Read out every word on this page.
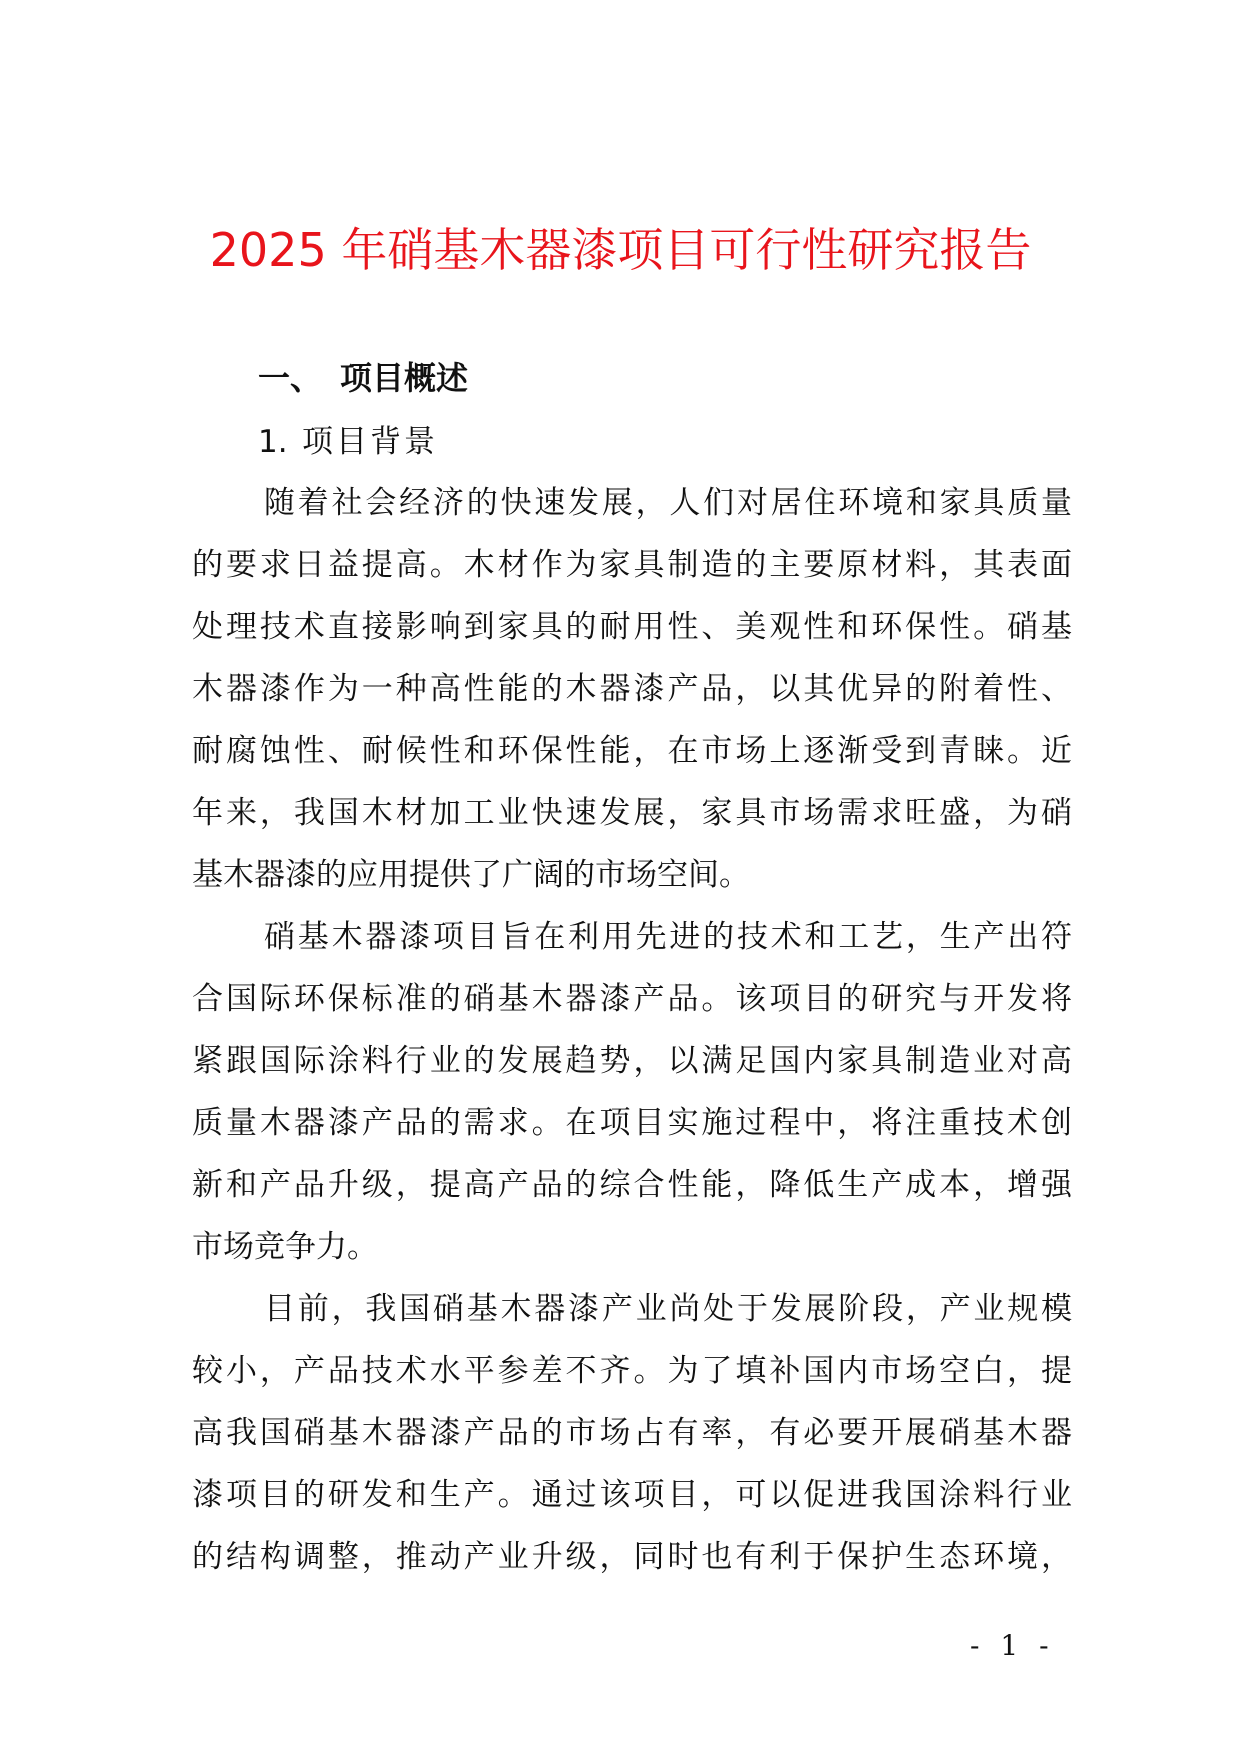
2025 年硝基木器漆项目可行性研究报告
一、 项目概述
1. 项目背景
随着社会经济的快速发展，人们对居住环境和家具质量
的要求日益提高。木材作为家具制造的主要原材料，其表面
处理技术直接影响到家具的耐用性、美观性和环保性。硝基
木器漆作为一种高性能的木器漆产品，以其优异的附着性、
耐腐蚀性、耐候性和环保性能，在市场上逐渐受到青睐。近
年来，我国木材加工业快速发展，家具市场需求旺盛，为硝
基木器漆的应用提供了广阔的市场空间。
硝基木器漆项目旨在利用先进的技术和工艺，生产出符
合国际环保标准的硝基木器漆产品。该项目的研究与开发将
紧跟国际涂料行业的发展趋势，以满足国内家具制造业对高
质量木器漆产品的需求。在项目实施过程中，将注重技术创
新和产品升级，提高产品的综合性能，降低生产成本，增强
市场竞争力。
目前，我国硝基木器漆产业尚处于发展阶段，产业规模
较小，产品技术水平参差不齐。为了填补国内市场空白，提
高我国硝基木器漆产品的市场占有率，有必要开展硝基木器
漆项目的研发和生产。通过该项目，可以促进我国涂料行业
的结构调整，推动产业升级，同时也有利于保护生态环境，
- 1 -
